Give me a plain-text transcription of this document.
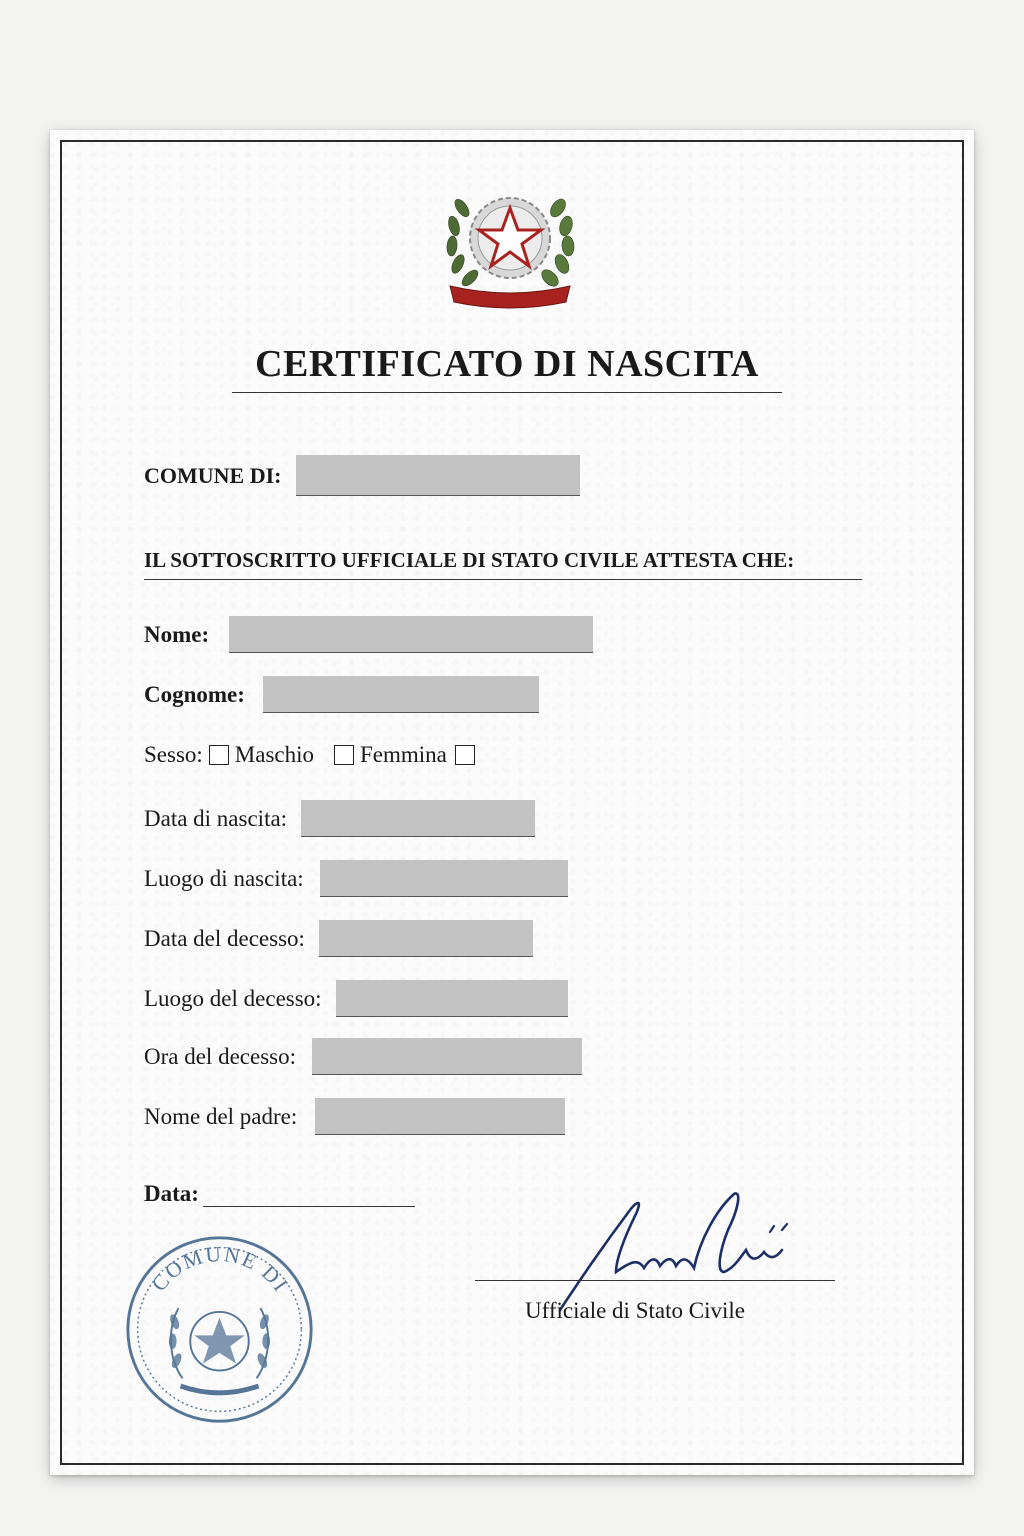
CERTIFICATO DI NASCITA
COMUNE DI:
IL SOTTOSCRITTO UFFICIALE DI STATO CIVILE ATTESTA CHE:
Nome:
Cognome:
Sesso: Maschio Femmina
Data di nascita:
Luogo di nascita:
Data del decesso:
Luogo del decesso:
Ora del decesso:
Nome del padre:
Data:
Ufficiale di Stato Civile
COMUNE DI
